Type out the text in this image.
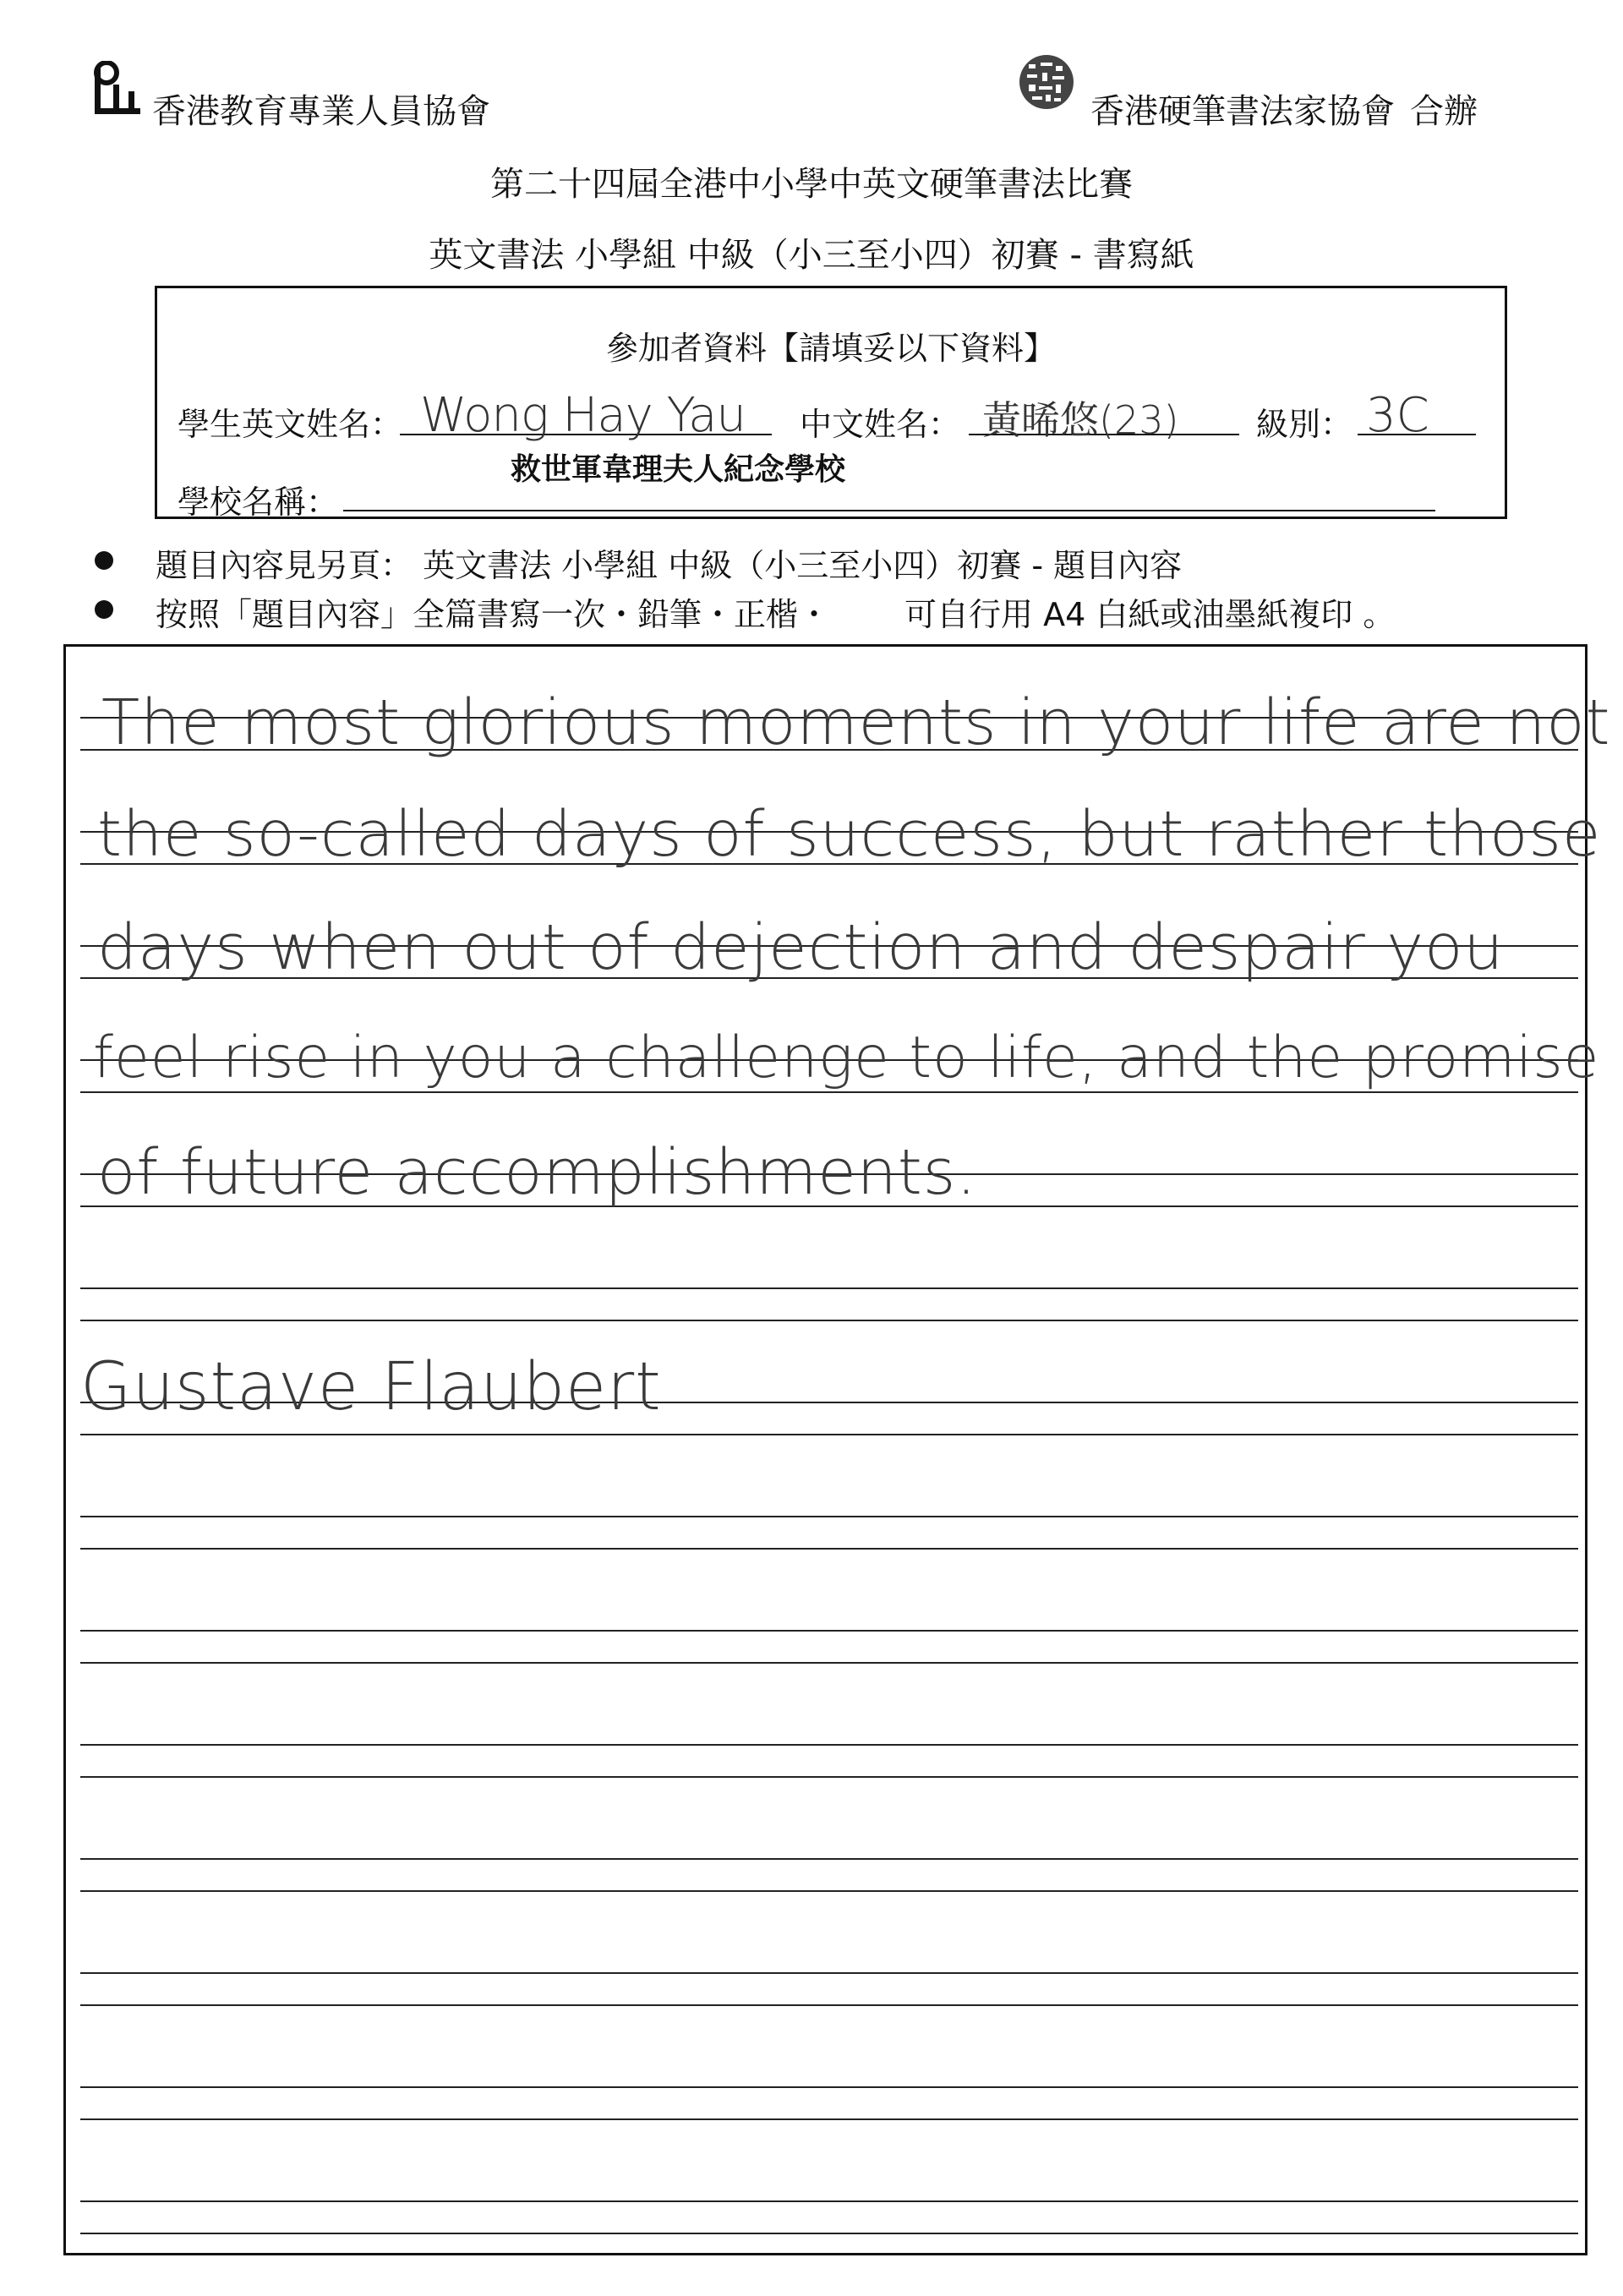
香港教育專業人員協會	香港硬筆書法家協會 合辦
第二十四屆全港中小學中英文硬筆書法比賽
英文書法 小學組 中級（小三至小四）初賽 - 書寫紙
參加者資料【請填妥以下資料】
學生英文姓名： Wong Hay Yau 中文姓名： 黃晞悠(23) 級別： 3C
救世軍韋理夫人紀念學校
學校名稱：
題目內容見另頁： 英文書法 小學組 中級（小三至小四）初賽 - 題目內容
按照「題目內容」全篇書寫一次・鉛筆・正楷・ 可自行用 A4 白紙或油墨紙複印 。
The most glorious moments in your life are not
the so-called days of success, but rather those
days when out of dejection and despair you
feel rise in you a challenge to life, and the promise
of future accomplishments.
Gustave Flaubert
